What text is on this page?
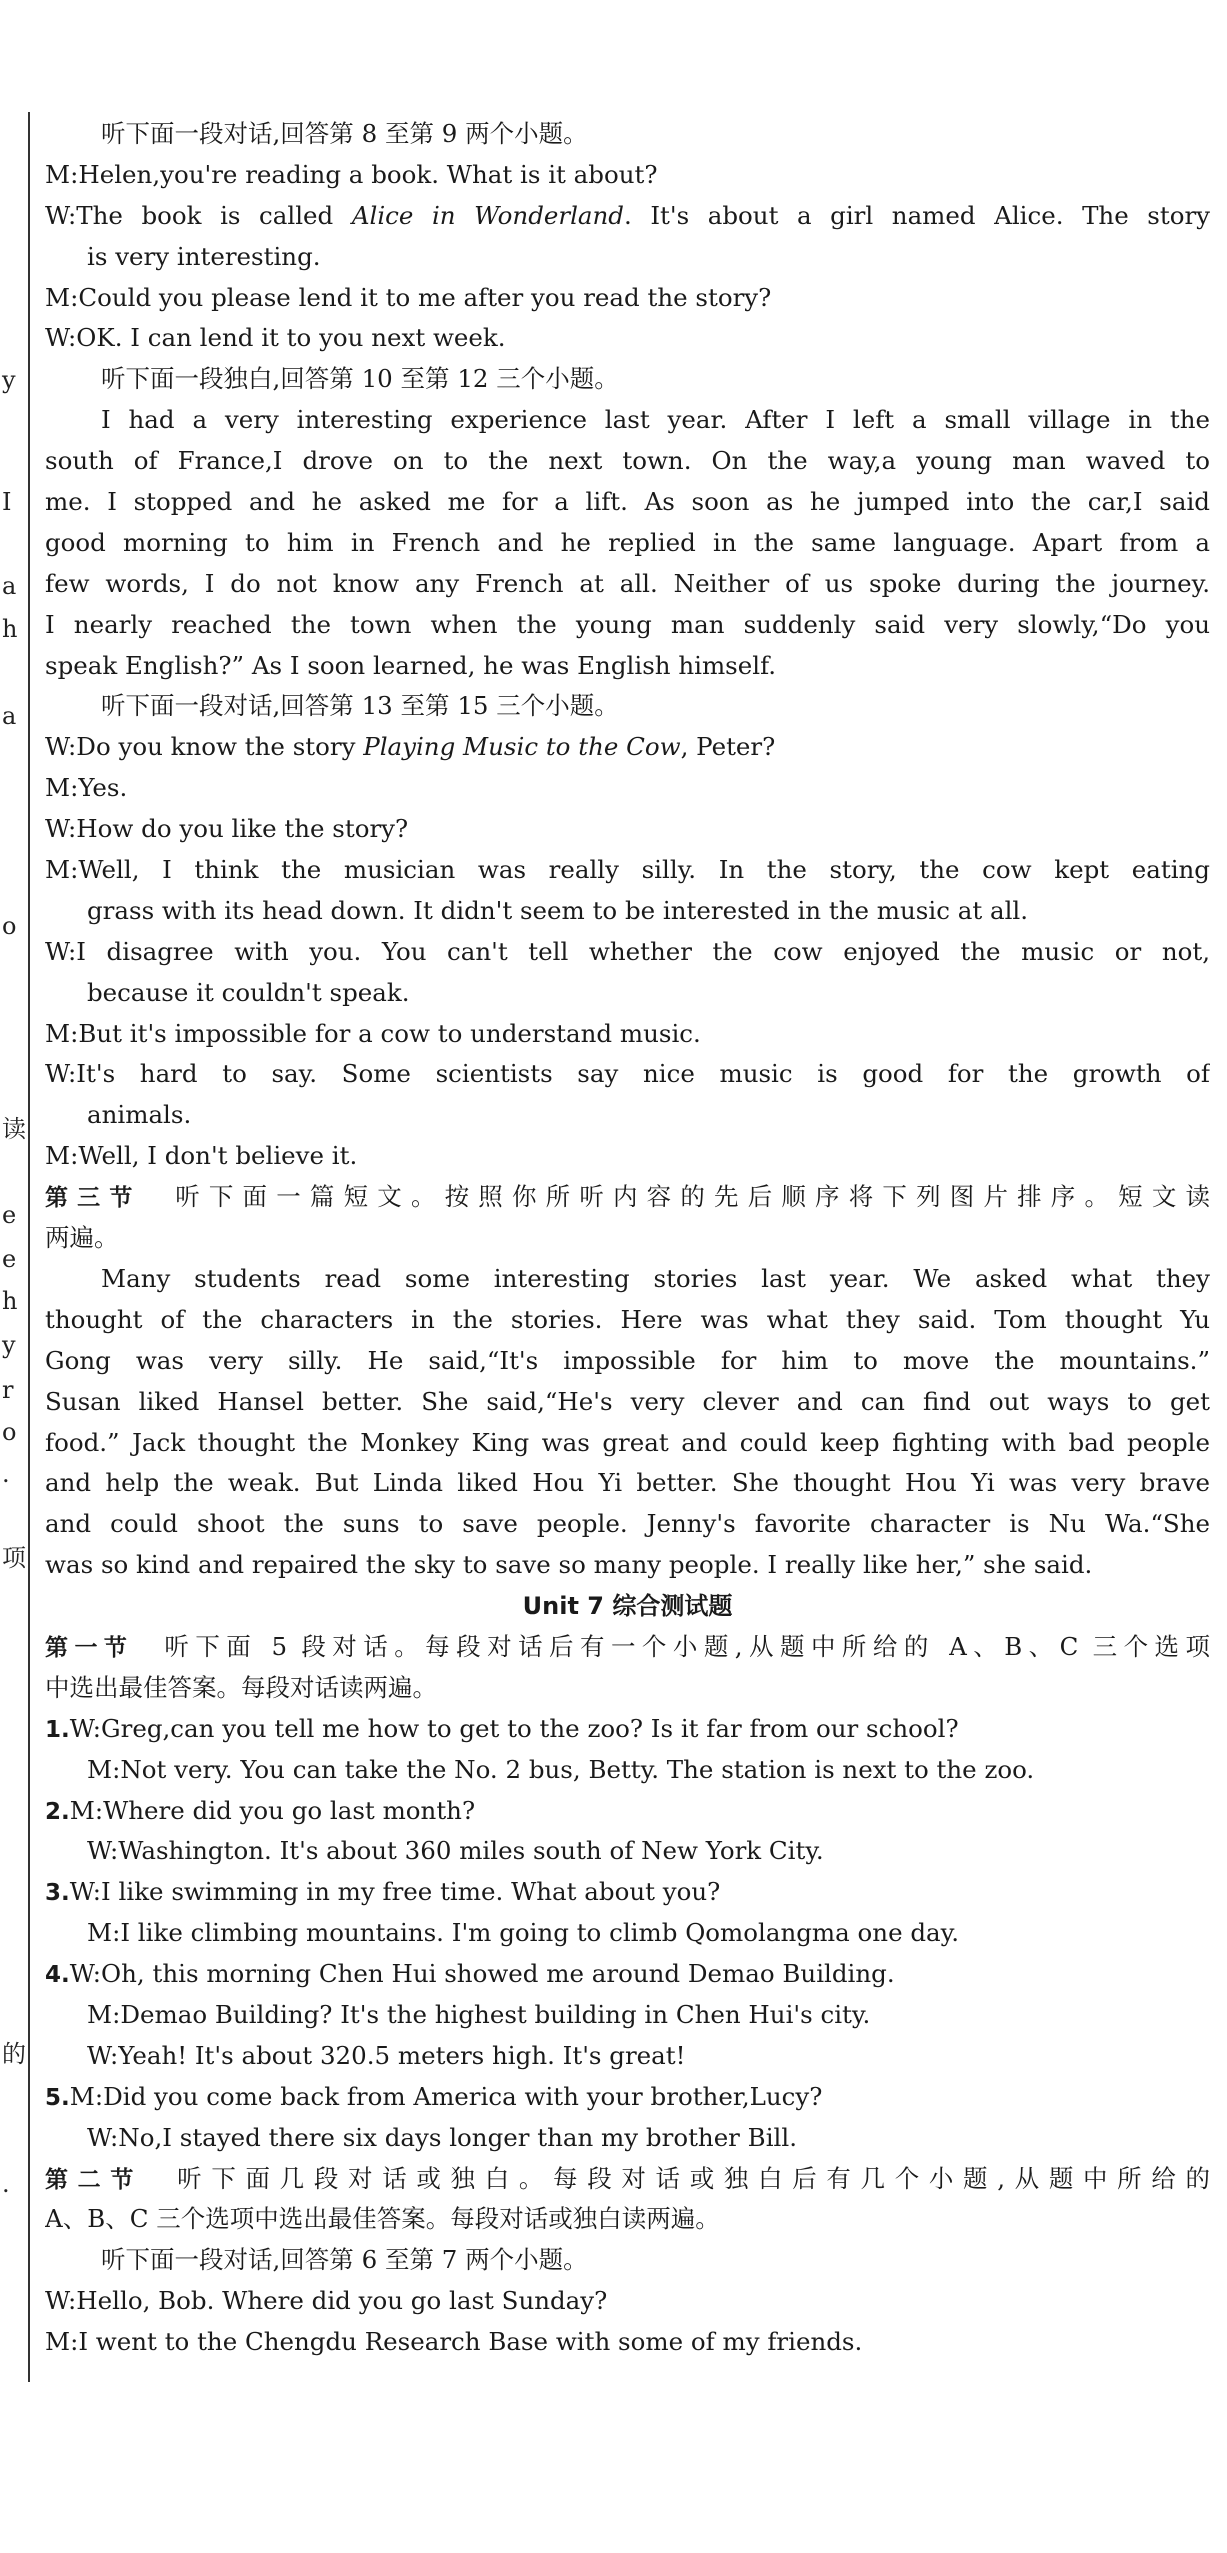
y
I
a
h
a
o
读
e
e
h
y
r
o
.
项
的
.
听下面一段对话,回答第 8 至第 9 两个小题。
M:Helen,you're reading a book. What is it about?
W:The book is called Alice in Wonderland. It's about a girl named Alice. The story
is very interesting.
M:Could you please lend it to me after you read the story?
W:OK. I can lend it to you next week.
听下面一段独白,回答第 10 至第 12 三个小题。
I had a very interesting experience last year. After I left a small village in the
south of France,I drove on to the next town. On the way,a young man waved to
me. I stopped and he asked me for a lift. As soon as he jumped into the car,I said
good morning to him in French and he replied in the same language. Apart from a
few words, I do not know any French at all. Neither of us spoke during the journey.
I nearly reached the town when the young man suddenly said very slowly,“Do you
speak English?” As I soon learned, he was English himself.
听下面一段对话,回答第 13 至第 15 三个小题。
W:Do you know the story Playing Music to the Cow, Peter?
M:Yes.
W:How do you like the story?
M:Well, I think the musician was really silly. In the story, the cow kept eating
grass with its head down. It didn't seem to be interested in the music at all.
W:I disagree with you. You can't tell whether the cow enjoyed the music or not,
because it couldn't speak.
M:But it's impossible for a cow to understand music.
W:It's hard to say. Some scientists say nice music is good for the growth of
animals.
M:Well, I don't believe it.
第三节  听下面一篇短文。按照你所听内容的先后顺序将下列图片排序。短文读
两遍。
Many students read some interesting stories last year. We asked what they
thought of the characters in the stories. Here was what they said. Tom thought Yu
Gong was very silly. He said,“It's impossible for him to move the mountains.”
Susan liked Hansel better. She said,“He's very clever and can find out ways to get
food.” Jack thought the Monkey King was great and could keep fighting with bad people
and help the weak. But Linda liked Hou Yi better. She thought Hou Yi was very brave
and could shoot the suns to save people. Jenny's favorite character is Nu Wa.“She
was so kind and repaired the sky to save so many people. I really like her,” she said.
Unit 7 综合测试题
第一节  听下面 5 段对话。每段对话后有一个小题,从题中所给的 A、B、C 三个选项
中选出最佳答案。每段对话读两遍。
1.W:Greg,can you tell me how to get to the zoo? Is it far from our school?
M:Not very. You can take the No. 2 bus, Betty. The station is next to the zoo.
2.M:Where did you go last month?
W:Washington. It's about 360 miles south of New York City.
3.W:I like swimming in my free time. What about you?
M:I like climbing mountains. I'm going to climb Qomolangma one day.
4.W:Oh, this morning Chen Hui showed me around Demao Building.
M:Demao Building? It's the highest building in Chen Hui's city.
W:Yeah! It's about 320.5 meters high. It's great!
5.M:Did you come back from America with your brother,Lucy?
W:No,I stayed there six days longer than my brother Bill.
第二节  听下面几段对话或独白。每段对话或独白后有几个小题,从题中所给的
A、B、C 三个选项中选出最佳答案。每段对话或独白读两遍。
听下面一段对话,回答第 6 至第 7 两个小题。
W:Hello, Bob. Where did you go last Sunday?
M:I went to the Chengdu Research Base with some of my friends.
